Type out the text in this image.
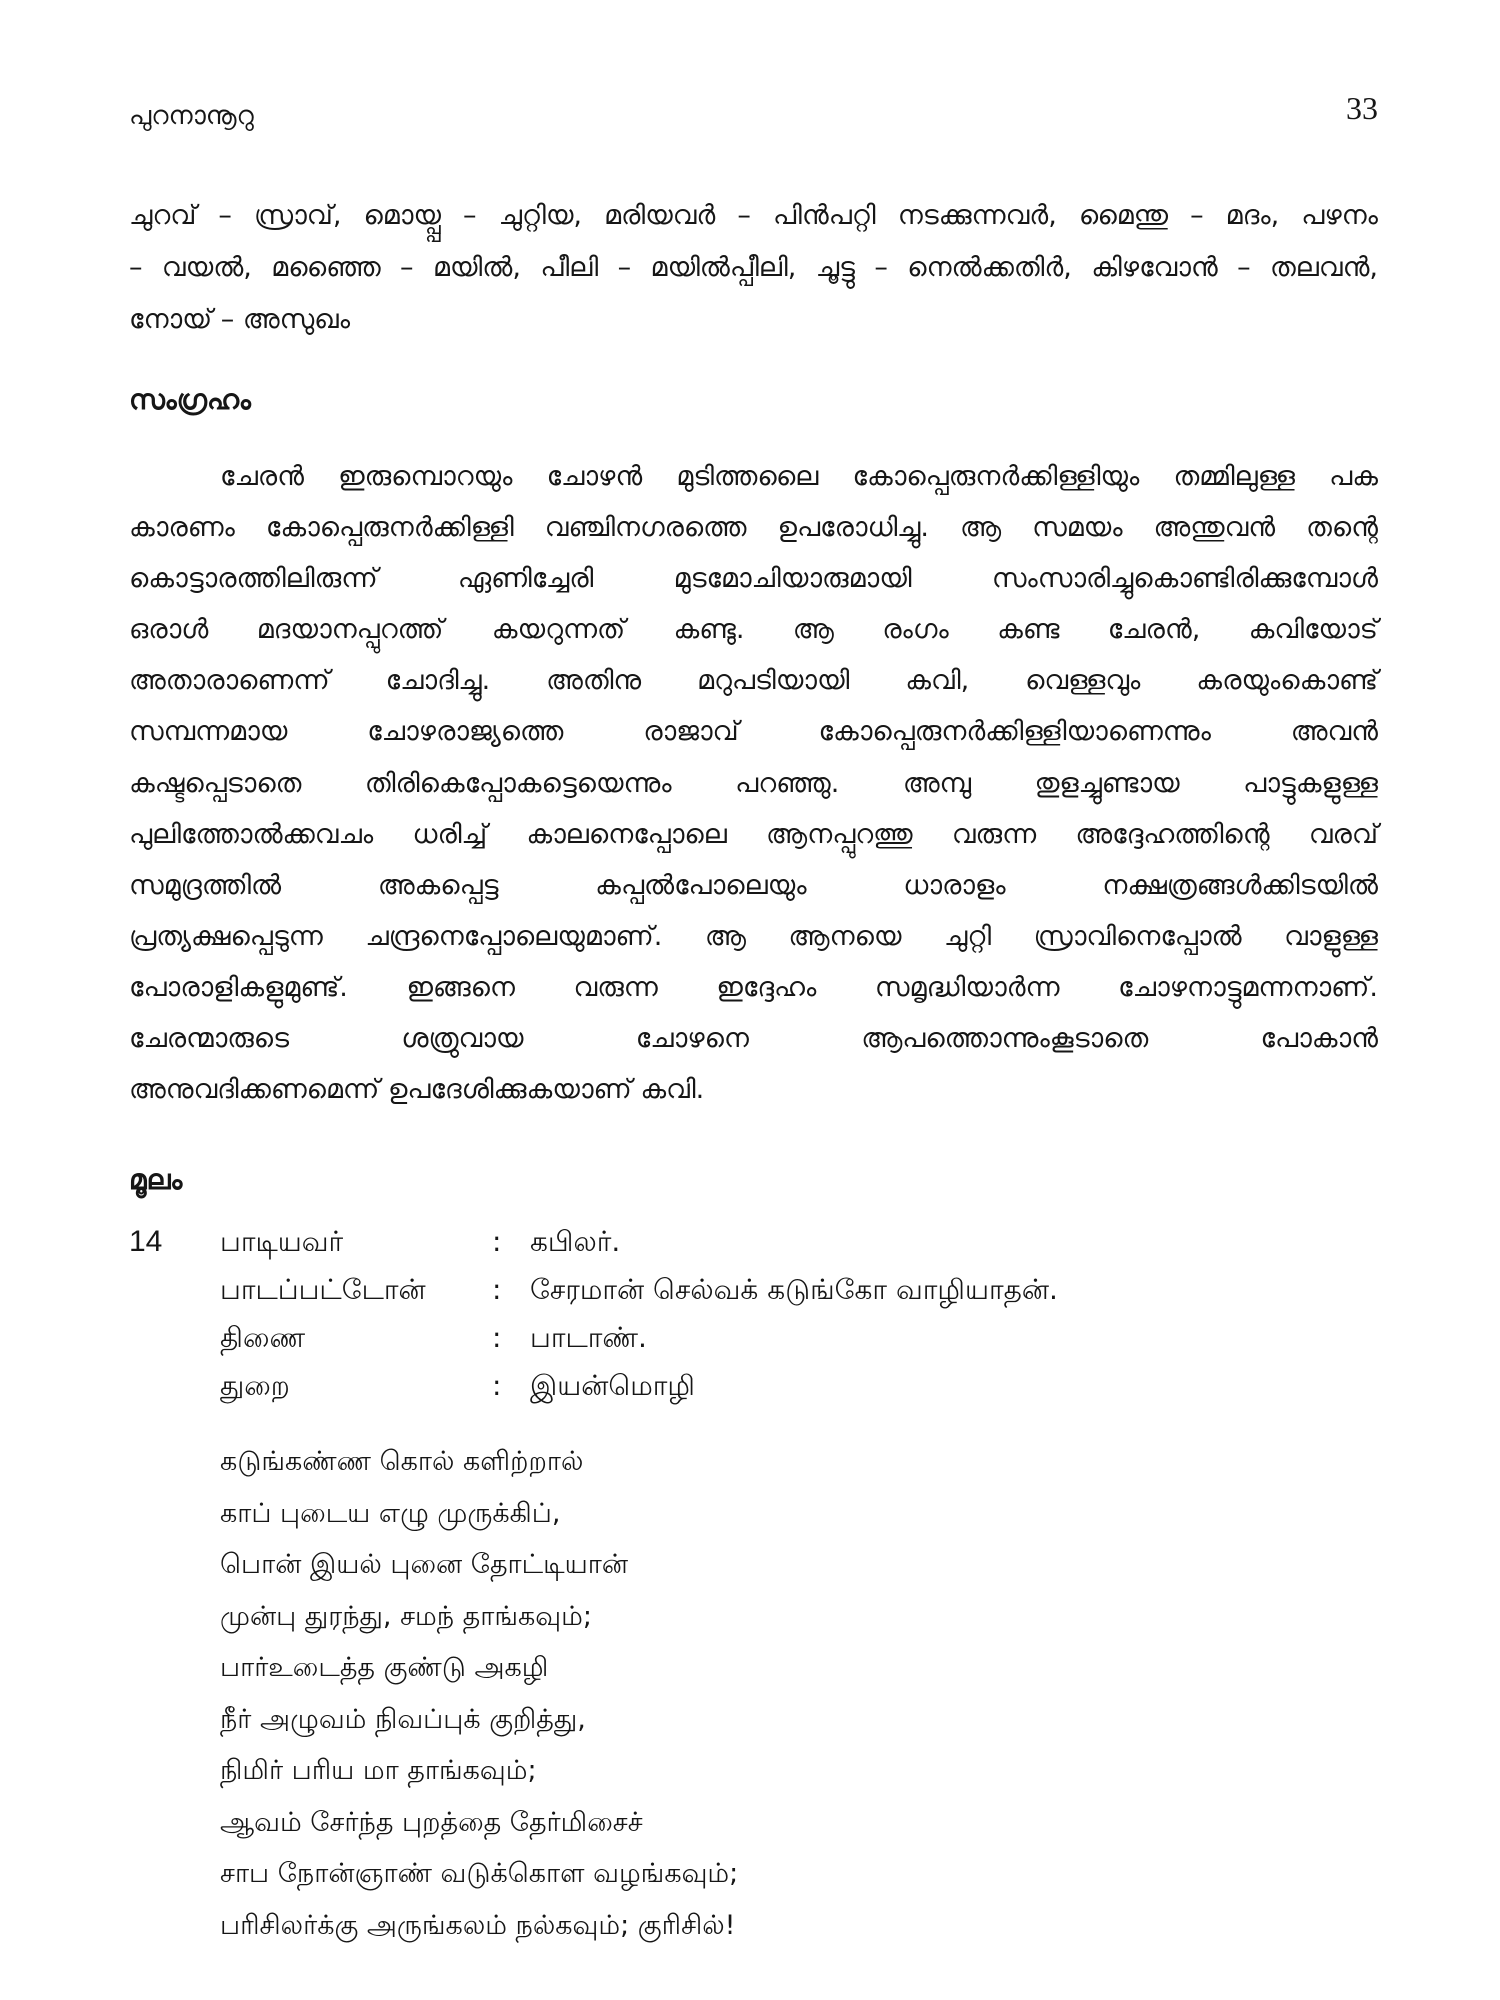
പുറനാനൂറു	33
ചുറവ് – സ്രാവ്, മൊയ്പ്പ – ചുറ്റിയ, മരിയവർ – പിൻപറ്റി നടക്കുന്നവർ, മൈന്തു – മദം, പഴനം
– വയൽ, മഞ്ഞൈ – മയിൽ, പീലി – മയിൽപ്പീലി, ചൂട്ടു – നെൽക്കതിർ, കിഴവോൻ – തലവൻ,
നോയ് – അസുഖം
സംഗ്രഹം
ചേരൻ ഇരുമ്പൊറയും ചോഴൻ മുടിത്തലൈ കോപ്പെരുനർക്കിള്ളിയും തമ്മിലുള്ള പക
കാരണം കോപ്പെരുനർക്കിള്ളി വഞ്ചിനഗരത്തെ ഉപരോധിച്ചു. ആ സമയം അന്തുവൻ തന്റെ
കൊട്ടാരത്തിലിരുന്ന് ഏണിച്ചേരി മുടമോചിയാരുമായി സംസാരിച്ചുകൊണ്ടിരിക്കുമ്പോൾ
ഒരാൾ മദയാനപ്പുറത്ത് കയറുന്നത് കണ്ടു. ആ രംഗം കണ്ട ചേരൻ, കവിയോട്
അതാരാണെന്ന് ചോദിച്ചു. അതിനു മറുപടിയായി കവി, വെള്ളവും കരയുംകൊണ്ട്
സമ്പന്നമായ ചോഴരാജ്യത്തെ രാജാവ് കോപ്പെരുനർക്കിള്ളിയാണെന്നും അവൻ
കഷ്ടപ്പെടാതെ തിരികെപ്പോകട്ടെയെന്നും പറഞ്ഞു. അമ്പു തുളച്ചുണ്ടായ പാട്ടുകളുള്ള
പുലിത്തോൽക്കവചം ധരിച്ച് കാലനെപ്പോലെ ആനപ്പുറത്തു വരുന്ന അദ്ദേഹത്തിന്റെ വരവ്
സമുദ്രത്തിൽ അകപ്പെട്ട കപ്പൽപോലെയും ധാരാളം നക്ഷത്രങ്ങൾക്കിടയിൽ
പ്രത്യക്ഷപ്പെടുന്ന ചന്ദ്രനെപ്പോലെയുമാണ്. ആ ആനയെ ചുറ്റി സ്രാവിനെപ്പോൽ വാളുള്ള
പോരാളികളുമുണ്ട്. ഇങ്ങനെ വരുന്ന ഇദ്ദേഹം സമൃദ്ധിയാർന്ന ചോഴനാട്ടുമന്നനാണ്.
ചേരന്മാരുടെ ശത്രുവായ ചോഴനെ ആപത്തൊന്നുംകൂടാതെ പോകാൻ
അനുവദിക്കണമെന്ന് ഉപദേശിക്കുകയാണ് കവി.
മൂലം
14 பாடியவர்	: கபிலர்.
பாடப்பட்டோன்	: சேரமான் செல்வக் கடுங்கோ வாழியாதன்.
திணை	: பாடாண்.
துறை	: இயன்மொழி
கடுங்கண்ண கொல் களிற்றால்
காப் புடைய எழு முருக்கிப்,
பொன் இயல் புனை தோட்டியான்
முன்பு துரந்து, சமந் தாங்கவும்;
பார்உடைத்த குண்டு அகழி
நீர் அழுவம் நிவப்புக் குறித்து,
நிமிர் பரிய மா தாங்கவும்;
ஆவம் சேர்ந்த புறத்தை தேர்மிசைச்
சாப நோன்ஞாண் வடுக்கொள வழங்கவும்;
பரிசிலர்க்கு அருங்கலம் நல்கவும்; குரிசில்!
